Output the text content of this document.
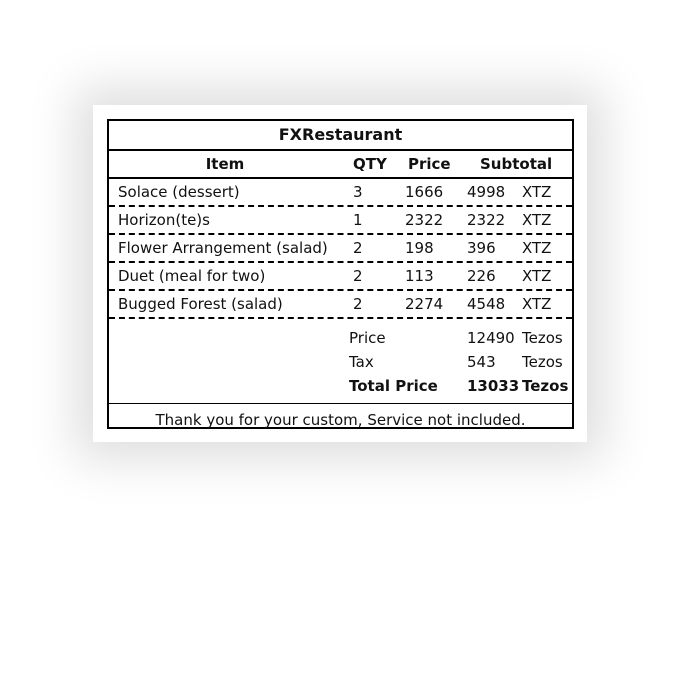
FXRestaurant
Item	QTY Price Subtotal
Solace (dessert)	3	1666 4998 XTZ
Horizon(te)s	1	2322 2322 XTZ
Flower Arrangement (salad) 2	198 396 XTZ
Duet (meal for two)	2	113 226 XTZ
Bugged Forest (salad)	2	2274 4548 XTZ
Price	12490 Tezos
Tax	543 Tezos
Total Price 13033 Tezos
Thank you for your custom, Service not included.
